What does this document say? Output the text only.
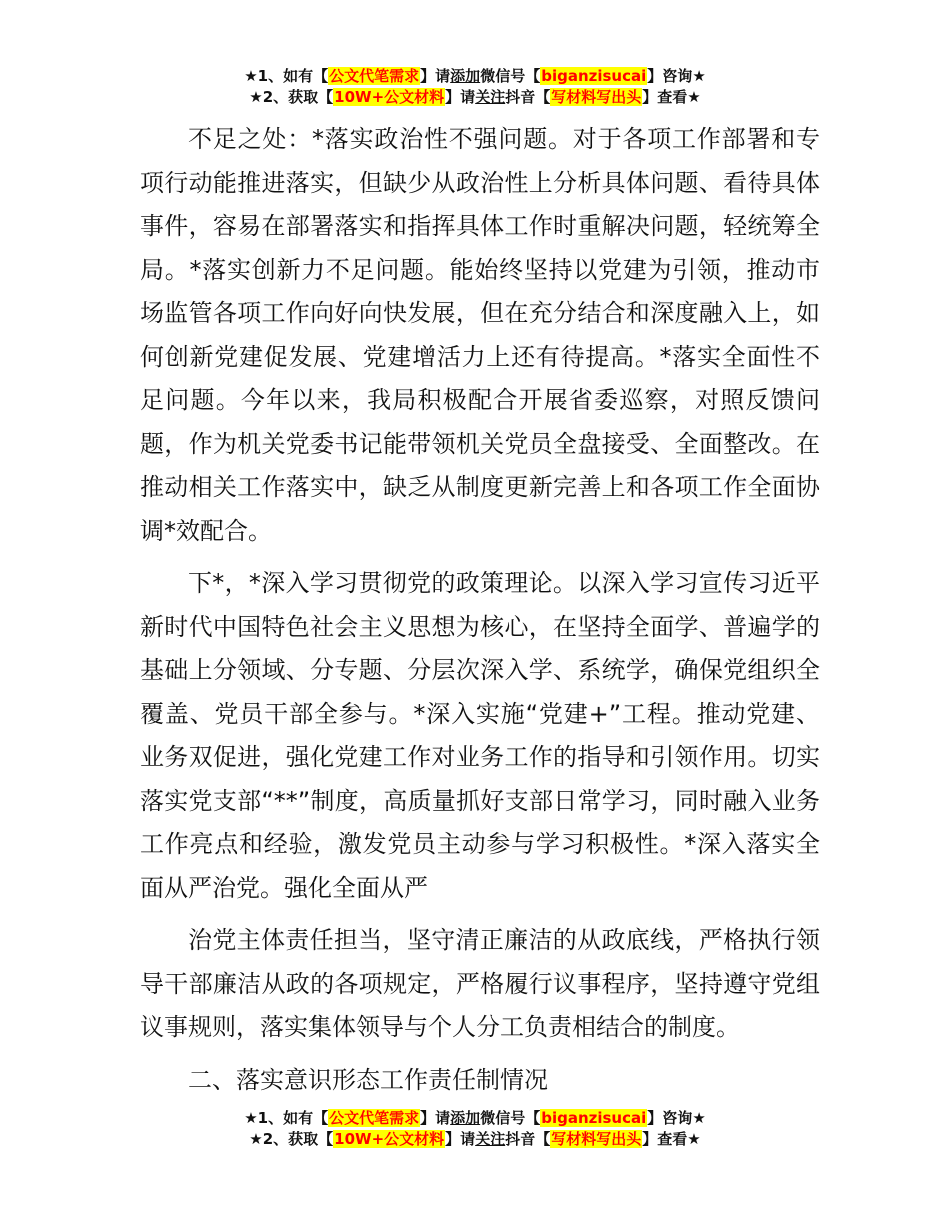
★1、如有【公文代笔需求】请添加微信号【biganzisucai】咨询★
★2、获取【10W+公文材料】请关注抖音【写材料写出头】查看★

不足之处：*落实政治性不强问题。对于各项工作部署和专项行动能推进落实，但缺少从政治性上分析具体问题、看待具体事件，容易在部署落实和指挥具体工作时重解决问题，轻统筹全局。*落实创新力不足问题。能始终坚持以党建为引领，推动市场监管各项工作向好向快发展，但在充分结合和深度融入上，如何创新党建促发展、党建增活力上还有待提高。*落实全面性不足问题。今年以来，我局积极配合开展省委巡察，对照反馈问题，作为机关党委书记能带领机关党员全盘接受、全面整改。在推动相关工作落实中，缺乏从制度更新完善上和各项工作全面协调*效配合。

下*，*深入学习贯彻党的政策理论。以深入学习宣传习近平新时代中国特色社会主义思想为核心，在坚持全面学、普遍学的基础上分领域、分专题、分层次深入学、系统学，确保党组织全覆盖、党员干部全参与。*深入实施“党建+”工程。推动党建、业务双促进，强化党建工作对业务工作的指导和引领作用。切实落实党支部“**”制度，高质量抓好支部日常学习，同时融入业务工作亮点和经验，激发党员主动参与学习积极性。*深入落实全面从严治党。强化全面从严

治党主体责任担当，坚守清正廉洁的从政底线，严格执行领导干部廉洁从政的各项规定，严格履行议事程序，坚持遵守党组议事规则，落实集体领导与个人分工负责相结合的制度。

二、落实意识形态工作责任制情况

★1、如有【公文代笔需求】请添加微信号【biganzisucai】咨询★
★2、获取【10W+公文材料】请关注抖音【写材料写出头】查看★
